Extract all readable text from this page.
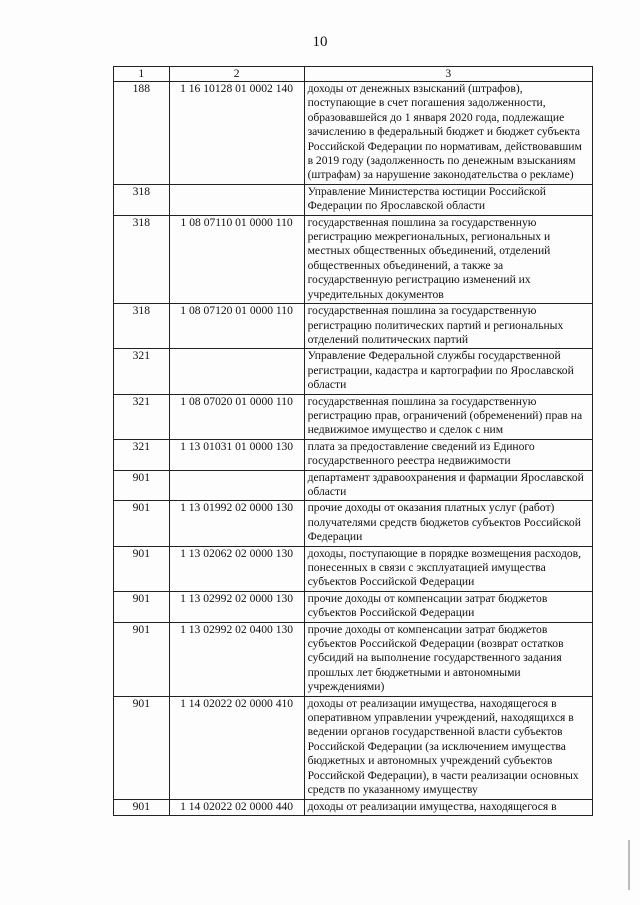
10
1	2	3
188	1 16 10128 01 0002 140	доходы от денежных взысканий (штрафов), поступающие в счет погашения задолженности, образовавшейся до 1 января 2020 года, подлежащие зачислению в федеральный бюджет и бюджет субъекта Российской Федерации по нормативам, действовавшим в 2019 году (задолженность по денежным взысканиям (штрафам) за нарушение законодательства о рекламе)
318		Управление Министерства юстиции Российской Федерации по Ярославской области
318	1 08 07110 01 0000 110	государственная пошлина за государственную регистрацию межрегиональных, региональных и местных общественных объединений, отделений общественных объединений, а также за государственную регистрацию изменений их учредительных документов
318	1 08 07120 01 0000 110	государственная пошлина за государственную регистрацию политических партий и региональных отделений политических партий
321		Управление Федеральной службы государственной регистрации, кадастра и картографии по Ярославской области
321	1 08 07020 01 0000 110	государственная пошлина за государственную регистрацию прав, ограничений (обременений) прав на недвижимое имущество и сделок с ним
321	1 13 01031 01 0000 130	плата за предоставление сведений из Единого государственного реестра недвижимости
901		департамент здравоохранения и фармации Ярославской области
901	1 13 01992 02 0000 130	прочие доходы от оказания платных услуг (работ) получателями средств бюджетов субъектов Российской Федерации
901	1 13 02062 02 0000 130	доходы, поступающие в порядке возмещения расходов, понесенных в связи с эксплуатацией имущества субъектов Российской Федерации
901	1 13 02992 02 0000 130	прочие доходы от компенсации затрат бюджетов субъектов Российской Федерации
901	1 13 02992 02 0400 130	прочие доходы от компенсации затрат бюджетов субъектов Российской Федерации (возврат остатков субсидий на выполнение государственного задания прошлых лет бюджетными и автономными учреждениями)
901	1 14 02022 02 0000 410	доходы от реализации имущества, находящегося в оперативном управлении учреждений, находящихся в ведении органов государственной власти субъектов Российской Федерации (за исключением имущества бюджетных и автономных учреждений субъектов Российской Федерации), в части реализации основных средств по указанному имуществу
901	1 14 02022 02 0000 440	доходы от реализации имущества, находящегося в
